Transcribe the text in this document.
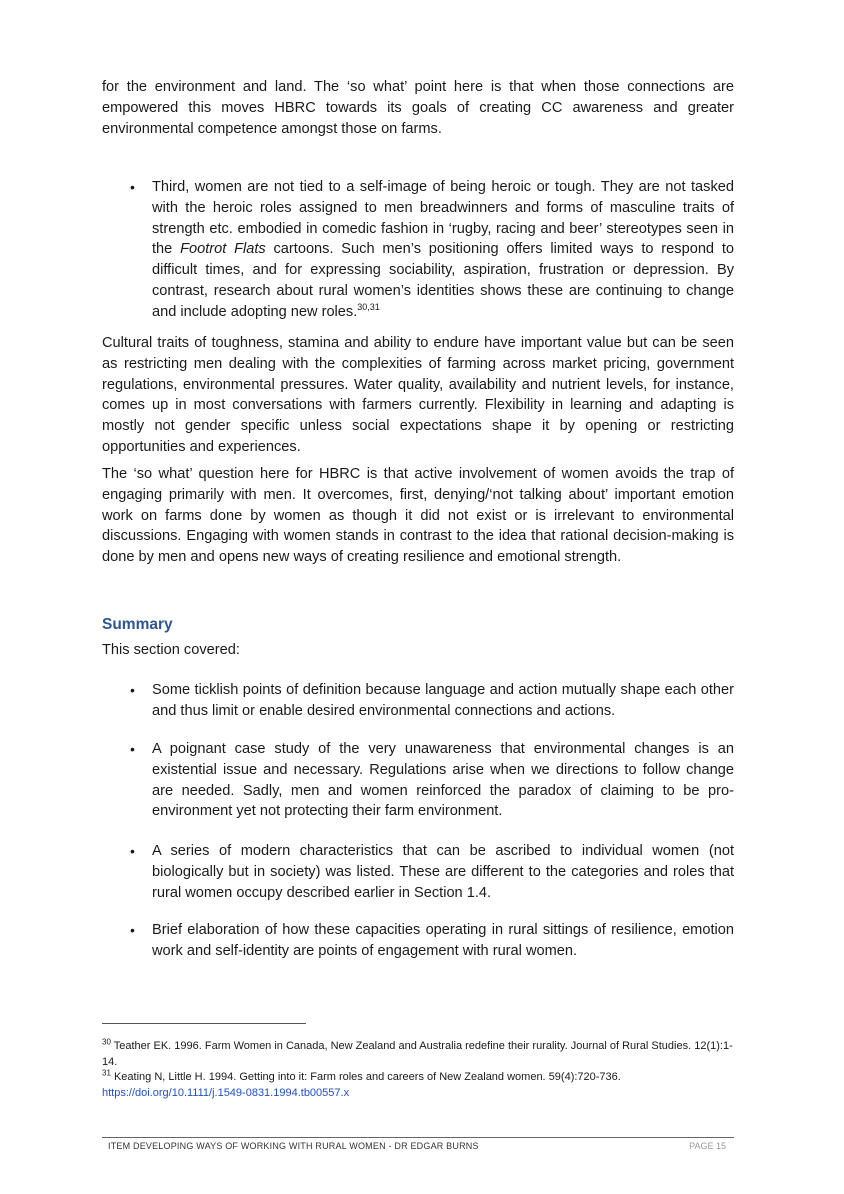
for the environment and land. The ‘so what’ point here is that when those connections are empowered this moves HBRC towards its goals of creating CC awareness and greater environmental competence amongst those on farms.
• Third, women are not tied to a self-image of being heroic or tough. They are not tasked with the heroic roles assigned to men breadwinners and forms of masculine traits of strength etc. embodied in comedic fashion in ‘rugby, racing and beer’ stereotypes seen in the Footrot Flats cartoons. Such men’s positioning offers limited ways to respond to difficult times, and for expressing sociability, aspiration, frustration or depression. By contrast, research about rural women’s identities shows these are continuing to change and include adopting new roles.$^{30,31}$
Cultural traits of toughness, stamina and ability to endure have important value but can be seen as restricting men dealing with the complexities of farming across market pricing, government regulations, environmental pressures. Water quality, availability and nutrient levels, for instance, comes up in most conversations with farmers currently. Flexibility in learning and adapting is mostly not gender specific unless social expectations shape it by opening or restricting opportunities and experiences.
The ‘so what’ question here for HBRC is that active involvement of women avoids the trap of engaging primarily with men. It overcomes, first, denying/‘not talking about’ important emotion work on farms done by women as though it did not exist or is irrelevant to environmental discussions. Engaging with women stands in contrast to the idea that rational decision-making is done by men and opens new ways of creating resilience and emotional strength.
Summary
This section covered:
• Some ticklish points of definition because language and action mutually shape each other and thus limit or enable desired environmental connections and actions.
• A poignant case study of the very unawareness that environmental changes is an existential issue and necessary. Regulations arise when we directions to follow change are needed. Sadly, men and women reinforced the paradox of claiming to be pro-environment yet not protecting their farm environment.
• A series of modern characteristics that can be ascribed to individual women (not biologically but in society) was listed. These are different to the categories and roles that rural women occupy described earlier in Section 1.4.
• Brief elaboration of how these capacities operating in rural sittings of resilience, emotion work and self-identity are points of engagement with rural women.
$^{30}$ Teather EK. 1996. Farm Women in Canada, New Zealand and Australia redefine their rurality. Journal of Rural Studies. 12(1):1-14.
$^{31}$ Keating N, Little H. 1994. Getting into it: Farm roles and careers of New Zealand women. 59(4):720-736. https://doi.org/10.1111/j.1549-0831.1994.tb00557.x
ITEM DEVELOPING WAYS OF WORKING WITH RURAL WOMEN - DR EDGAR BURNS	PAGE 15
